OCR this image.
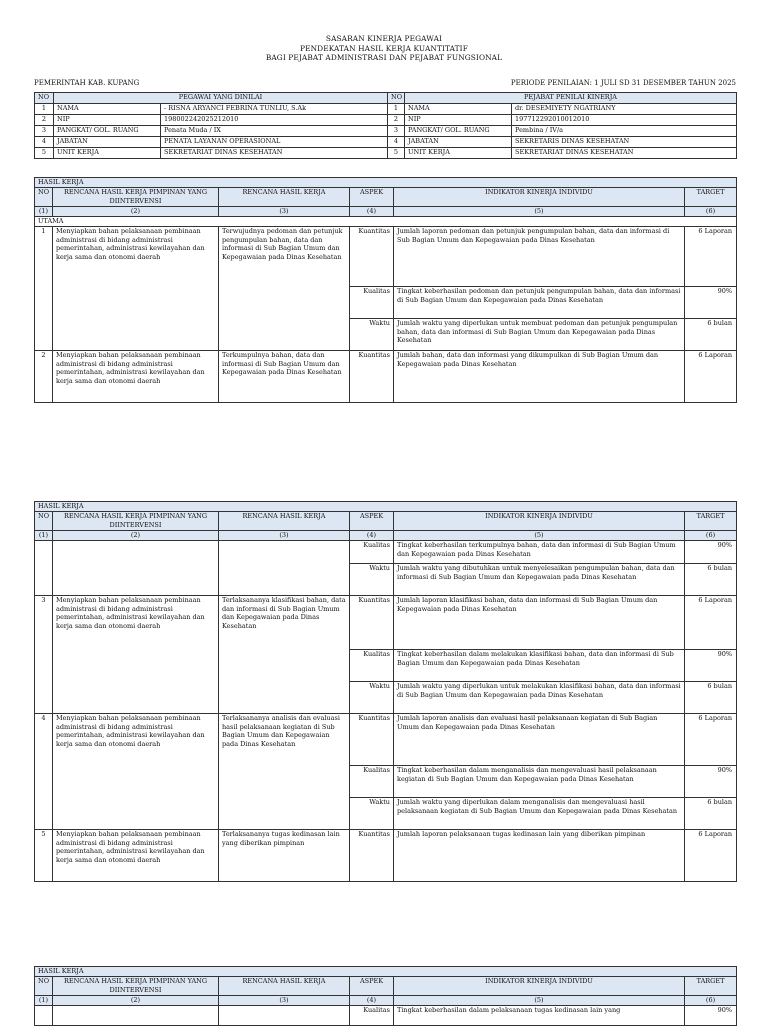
SASARAN KINERJA PEGAWAI
PENDEKATAN HASIL KERJA KUANTITATIF
BAGI PEJABAT ADMINISTRASI DAN PEJABAT FUNGSIONAL
PEMERINTAH KAB. KUPANG	PERIODE PENILAIAN: 1 JULI SD 31 DESEMBER TAHUN 2025
NO	PEGAWAI YANG DINILAI		NO	PEJABAT PENILAI KINERJA	
1	NAMA	- RISNA ARYANCI FEBRINA TUNLIU, S.Ak	1	NAMA	dr. DESEMIYETY NGATRIANY
2	NIP	198002242025212010	2	NIP	197712292010012010
3	PANGKAT/ GOL. RUANG	Penata Muda / IX	3	PANGKAT/ GOL. RUANG	Pembina / IV/a
4	JABATAN	PENATA LAYANAN OPERASIONAL	4	JABATAN	SEKRETARIS DINAS KESEHATAN
5	UNIT KERJA	SEKRETARIAT DINAS KESEHATAN	5	UNIT KERJA	SEKRETARIAT DINAS KESEHATAN
HASIL KERJA					
NO	RENCANA HASIL KERJA PIMPINAN YANG DIINTERVENSI	RENCANA HASIL KERJA	ASPEK	INDIKATOR KINERJA INDIVIDU	TARGET
(1)	(2)	(3)	(4)	(5)	(6)
UTAMA					
1	Menyiapkan bahan pelaksanaan pembinaan administrasi di bidang administrasi pemerintahan, administrasi kewilayahan dan kerja sama dan otonomi daerah	Terwujudnya pedoman dan petunjuk pengumpulan bahan, data dan informasi di Sub Bagian Umum dan Kepegawaian pada Dinas Kesehatan	Kuantitas	Jumlah laporan pedoman dan petunjuk pengumpulan bahan, data dan informasi di Sub Bagian Umum dan Kepegawaian pada Dinas Kesehatan	6 Laporan
			Kualitas	Tingkat keberhasilan pedoman dan petunjuk pengumpulan bahan, data dan informasi di Sub Bagian Umum dan Kepegawaian pada Dinas Kesehatan	90%
			Waktu	Jumlah waktu yang diperlukan untuk membuat pedoman dan petunjuk pengumpulan bahan, data dan informasi di Sub Bagian Umum dan Kepegawaian pada Dinas Kesehatan	6 bulan
2	Menyiapkan bahan pelaksanaan pembinaan administrasi di bidang administrasi pemerintahan, administrasi kewilayahan dan kerja sama dan otonomi daerah	Terkumpulnya bahan, data dan informasi di Sub Bagian Umum dan Kepegawaian pada Dinas Kesehatan	Kuantitas	Jumlah bahan, data dan informasi yang dikumpulkan di Sub Bagian Umum dan Kepegawaian pada Dinas Kesehatan	6 Laporan
HASIL KERJA					
NO	RENCANA HASIL KERJA PIMPINAN YANG DIINTERVENSI	RENCANA HASIL KERJA	ASPEK	INDIKATOR KINERJA INDIVIDU	TARGET
(1)	(2)	(3)	(4)	(5)	(6)
			Kualitas	Tingkat keberhasilan terkumpulnya bahan, data dan informasi di Sub Bagian Umum dan Kepegawaian pada Dinas Kesehatan	90%
			Waktu	Jumlah waktu yang dibutuhkan untuk menyelesaikan pengumpulan bahan, data dan informasi di Sub Bagian Umum dan Kepegawaian pada Dinas Kesehatan	6 bulan
3	Menyiapkan bahan pelaksanaan pembinaan administrasi di bidang administrasi pemerintahan, administrasi kewilayahan dan kerja sama dan otonomi daerah	Terlaksananya klasifikasi bahan, data dan informasi di Sub Bagian Umum dan Kepegawaian pada Dinas Kesehatan	Kuantitas	Jumlah laporan klasifikasi bahan, data dan informasi di Sub Bagian Umum dan Kepegawaian pada Dinas Kesehatan	6 Laporan
			Kualitas	Tingkat keberhasilan dalam melakukan klasifikasi bahan, data dan informasi di Sub Bagian Umum dan Kepegawaian pada Dinas Kesehatan	90%
			Waktu	Jumlah waktu yang diperlukan untuk melakukan klasifikasi bahan, data dan informasi di Sub Bagian Umum dan Kepegawaian pada Dinas Kesehatan	6 bulan
4	Menyiapkan bahan pelaksanaan pembinaan administrasi di bidang administrasi pemerintahan, administrasi kewilayahan dan kerja sama dan otonomi daerah	Terlaksananya analisis dan evaluasi hasil pelaksanaan kegiatan di Sub Bagian Umum dan Kepegawaian pada Dinas Kesehatan	Kuantitas	Jumlah laporan analisis dan evaluasi hasil pelaksanaan kegiatan di Sub Bagian Umum dan Kepegawaian pada Dinas Kesehatan	6 Laporan
			Kualitas	Tingkat keberhasilan dalam menganalisis dan mengevaluasi hasil pelaksanaan kegiatan di Sub Bagian Umum dan Kepegawaian pada Dinas Kesehatan	90%
			Waktu	Jumlah waktu yang diperlukan dalam menganalisis dan mengevaluasi hasil pelaksanaan kegiatan di Sub Bagian Umum dan Kepegawaian pada Dinas Kesehatan	6 bulan
5	Menyiapkan bahan pelaksanaan pembinaan administrasi di bidang administrasi pemerintahan, administrasi kewilayahan dan kerja sama dan otonomi daerah	Terlaksananya tugas kedinasan lain yang diberikan pimpinan	Kuantitas	Jumlah laporan pelaksanaan tugas kedinasan lain yang diberikan pimpinan	6 Laporan
HASIL KERJA					
NO	RENCANA HASIL KERJA PIMPINAN YANG DIINTERVENSI	RENCANA HASIL KERJA	ASPEK	INDIKATOR KINERJA INDIVIDU	TARGET
(1)	(2)	(3)	(4)	(5)	(6)
			Kualitas	Tingkat keberhasilan dalam pelaksanaan tugas kedinasan lain yang	90%
